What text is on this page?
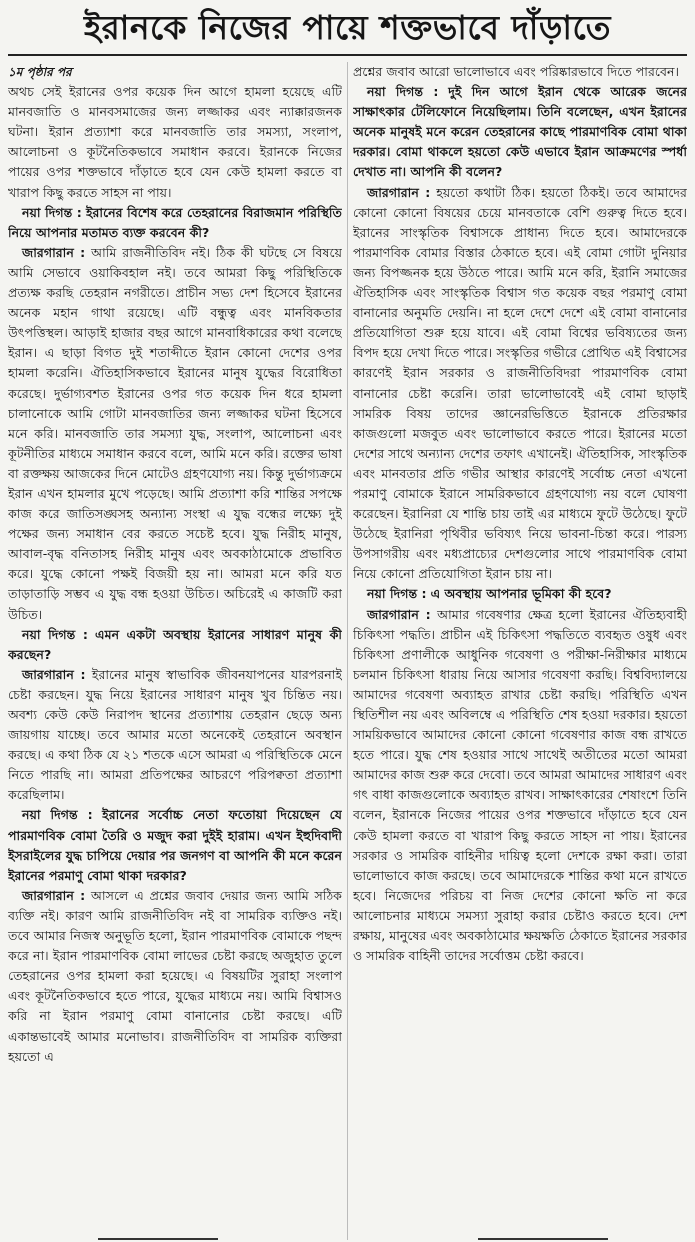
ইরানকে নিজের পায়ে শক্তভাবে দাঁড়াতে

১ম পৃষ্ঠার পর

অথচ সেই ইরানের ওপর কয়েক দিন আগে হামলা হয়েছে এটি মানবজাতি ও মানবসমাজের জন্য লজ্জাকর এবং ন্যাক্কারজনক ঘটনা। ইরান প্রত্যাশা করে মানবজাতি তার সমস্যা, সংলাপ, আলোচনা ও কূটনৈতিকভাবে সমাধান করবে। ইরানকে নিজের পায়ের ওপর শক্তভাবে দাঁড়াতে হবে যেন কেউ হামলা করতে বা খারাপ কিছু করতে সাহস না পায়।

নয়া দিগন্ত : ইরানের বিশেষ করে তেহরানের বিরাজমান পরিস্থিতি নিয়ে আপনার মতামত ব্যক্ত করবেন কী?

জারগারান : আমি রাজনীতিবিদ নই। ঠিক কী ঘটছে সে বিষয়ে আমি সেভাবে ওয়াকিবহাল নই। তবে আমরা কিছু পরিস্থিতিকে প্রত্যক্ষ করছি তেহরান নগরীতে। প্রাচীন সভ্য দেশ হিসেবে ইরানের অনেক মহান গাথা রয়েছে। এটি বন্ধুত্ব এবং মানবিকতার উৎপত্তিস্থল। আড়াই হাজার বছর আগে মানবাধিকারের কথা বলেছে ইরান। এ ছাড়া বিগত দুই শতাব্দীতে ইরান কোনো দেশের ওপর হামলা করেনি। ঐতিহাসিকভাবে ইরানের মানুষ যুদ্ধের বিরোধিতা করেছে। দুর্ভাগ্যবশত ইরানের ওপর গত কয়েক দিন ধরে হামলা চালানোকে আমি গোটা মানবজাতির জন্য লজ্জাকর ঘটনা হিসেবে মনে করি। মানবজাতি তার সমস্যা যুদ্ধ, সংলাপ, আলোচনা এবং কূটনীতির মাধ্যমে সমাধান করবে বলে, আমি মনে করি। রক্তের ভাষা বা রক্তক্ষয় আজকের দিনে মোটেও গ্রহণযোগ্য নয়। কিন্তু দুর্ভাগ্যক্রমে ইরান এখন হামলার মুখে পড়েছে। আমি প্রত্যাশা করি শান্তির সপক্ষে কাজ করে জাতিসঙ্ঘসহ অন্যান্য সংস্থা এ যুদ্ধ বন্ধের লক্ষ্যে দুই পক্ষের জন্য সমাধান বের করতে সচেষ্ট হবে। যুদ্ধ নিরীহ মানুষ, আবাল-বৃদ্ধ বনিতাসহ নিরীহ মানুষ এবং অবকাঠামোকে প্রভাবিত করে। যুদ্ধে কোনো পক্ষই বিজয়ী হয় না। আমরা মনে করি যত তাড়াতাড়ি সম্ভব এ যুদ্ধ বন্ধ হওয়া উচিত। অচিরেই এ কাজটি করা উচিত।

নয়া দিগন্ত : এমন একটা অবস্থায় ইরানের সাধারণ মানুষ কী করছেন?

জারগারান : ইরানের মানুষ স্বাভাবিক জীবনযাপনের যারপরনাই চেষ্টা করছেন। যুদ্ধ নিয়ে ইরানের সাধারণ মানুষ খুব চিন্তিত নয়। অবশ্য কেউ কেউ নিরাপদ স্থানের প্রত্যাশায় তেহরান ছেড়ে অন্য জায়গায় যাচ্ছে। তবে আমার মতো অনেকেই তেহরানে অবস্থান করছে। এ কথা ঠিক যে ২১ শতকে এসে আমরা এ পরিস্থিতিকে মেনে নিতে পারছি না। আমরা প্রতিপক্ষের আচরণে পরিপক্বতা প্রত্যাশা করেছিলাম।

নয়া দিগন্ত : ইরানের সর্বোচ্চ নেতা ফতোয়া দিয়েছেন যে পারমাণবিক বোমা তৈরি ও মজুদ করা দুইই হারাম। এখন ইহুদিবাদী ইসরাইলের যুদ্ধ চাপিয়ে দেয়ার পর জনগণ বা আপনি কী মনে করেন ইরানের পরমাণু বোমা থাকা দরকার?

জারগারান : আসলে এ প্রশ্নের জবাব দেয়ার জন্য আমি সঠিক ব্যক্তি নই। কারণ আমি রাজনীতিবিদ নই বা সামরিক ব্যক্তিও নই। তবে আমার নিজস্ব অনুভূতি হলো, ইরান পারমাণবিক বোমাকে পছন্দ করে না। ইরান পারমাণবিক বোমা লাভের চেষ্টা করছে অজুহাত তুলে তেহরানের ওপর হামলা করা হয়েছে। এ বিষয়টির সুরাহা সংলাপ এবং কূটনৈতিকভাবে হতে পারে, যুদ্ধের মাধ্যমে নয়। আমি বিশ্বাসও করি না ইরান পরমাণু বোমা বানানোর চেষ্টা করছে। এটি একান্তভাবেই আমার মনোভাব। রাজনীতিবিদ বা সামরিক ব্যক্তিরা হয়তো এ

প্রশ্নের জবাব আরো ভালোভাবে এবং পরিষ্কারভাবে দিতে পারবেন।

নয়া দিগন্ত : দুই দিন আগে ইরান থেকে আরেক জনের সাক্ষাৎকার টেলিফোনে নিয়েছিলাম। তিনি বলেছেন, এখন ইরানের অনেক মানুষই মনে করেন তেহরানের কাছে পারমাণবিক বোমা থাকা দরকার। বোমা থাকলে হয়তো কেউ এভাবে ইরান আক্রমণের স্পর্ধা দেখাত না। আপনি কী বলেন?

জারগারান : হয়তো কথাটা ঠিক। হয়তো ঠিকই। তবে আমাদের কোনো কোনো বিষয়ের চেয়ে মানবতাকে বেশি গুরুত্ব দিতে হবে। ইরানের সাংস্কৃতিক বিশ্বাসকে প্রাধান্য দিতে হবে। আমাদেরকে পারমাণবিক বোমার বিস্তার ঠেকাতে হবে। এই বোমা গোটা দুনিয়ার জন্য বিপজ্জনক হয়ে উঠতে পারে। আমি মনে করি, ইরানি সমাজের ঐতিহাসিক এবং সাংস্কৃতিক বিশ্বাস গত কয়েক বছর পরমাণু বোমা বানানোর অনুমতি দেয়নি। না হলে দেশে দেশে এই বোমা বানানোর প্রতিযোগিতা শুরু হয়ে যাবে। এই বোমা বিশ্বের ভবিষ্যতের জন্য বিপদ হয়ে দেখা দিতে পারে। সংস্কৃতির গভীরে প্রোথিত এই বিশ্বাসের কারণেই ইরান সরকার ও রাজনীতিবিদরা পারমাণবিক বোমা বানানোর চেষ্টা করেনি। তারা ভালোভাবেই এই বোমা ছাড়াই সামরিক বিষয় তাদের জ্ঞানেরভিত্তিতে ইরানকে প্রতিরক্ষার কাজগুলো মজবুত এবং ভালোভাবে করতে পারে। ইরানের মতো দেশের সাথে অন্যান্য দেশের তফাৎ এখানেই। ঐতিহাসিক, সাংস্কৃতিক এবং মানবতার প্রতি গভীর আস্থার কারণেই সর্বোচ্চ নেতা এখনো পরমাণু বোমাকে ইরানে সামরিকভাবে গ্রহণযোগ্য নয় বলে ঘোষণা করেছেন। ইরানিরা যে শান্তি চায় তাই এর মাধ্যমে ফুটে উঠেছে। ফুটে উঠেছে ইরানিরা পৃথিবীর ভবিষ্যৎ নিয়ে ভাবনা-চিন্তা করে। পারস্য উপসাগরীয় এবং মধ্যপ্রাচ্যের দেশগুলোর সাথে পারমাণবিক বোমা নিয়ে কোনো প্রতিযোগিতা ইরান চায় না।

নয়া দিগন্ত : এ অবস্থায় আপনার ভূমিকা কী হবে?

জারগারান : আমার গবেষণার ক্ষেত্র হলো ইরানের ঐতিহ্যবাহী চিকিৎসা পদ্ধতি। প্রাচীন এই চিকিৎসা পদ্ধতিতে ব্যবহৃত ওষুধ এবং চিকিৎসা প্রণালীকে আধুনিক গবেষণা ও পরীক্ষা-নিরীক্ষার মাধ্যমে চলমান চিকিৎসা ধারায় নিয়ে আসার গবেষণা করছি। বিশ্ববিদ্যালয়ে আমাদের গবেষণা অব্যাহত রাখার চেষ্টা করছি। পরিস্থিতি এখন স্থিতিশীল নয় এবং অবিলম্বে এ পরিস্থিতি শেষ হওয়া দরকার। হয়তো সাময়িকভাবে আমাদের কোনো কোনো গবেষণার কাজ বন্ধ রাখতে হতে পারে। যুদ্ধ শেষ হওয়ার সাথে সাথেই অতীতের মতো আমরা আমাদের কাজ শুরু করে দেবো। তবে আমরা আমাদের সাধারণ এবং গৎ বাধা কাজগুলোকে অব্যাহত রাখব। সাক্ষাৎকারের শেষাংশে তিনি বলেন, ইরানকে নিজের পায়ের ওপর শক্তভাবে দাঁড়াতে হবে যেন কেউ হামলা করতে বা খারাপ কিছু করতে সাহস না পায়। ইরানের সরকার ও সামরিক বাহিনীর দায়িত্ব হলো দেশকে রক্ষা করা। তারা ভালোভাবে কাজ করছে। তবে আমাদেরকে শান্তির কথা মনে রাখতে হবে। নিজেদের পরিচয় বা নিজ দেশের কোনো ক্ষতি না করে আলোচনার মাধ্যমে সমস্যা সুরাহা করার চেষ্টাও করতে হবে। দেশ রক্ষায়, মানুষের এবং অবকাঠামোর ক্ষয়ক্ষতি ঠেকাতে ইরানের সরকার ও সামরিক বাহিনী তাদের সর্বোত্তম চেষ্টা করবে।
